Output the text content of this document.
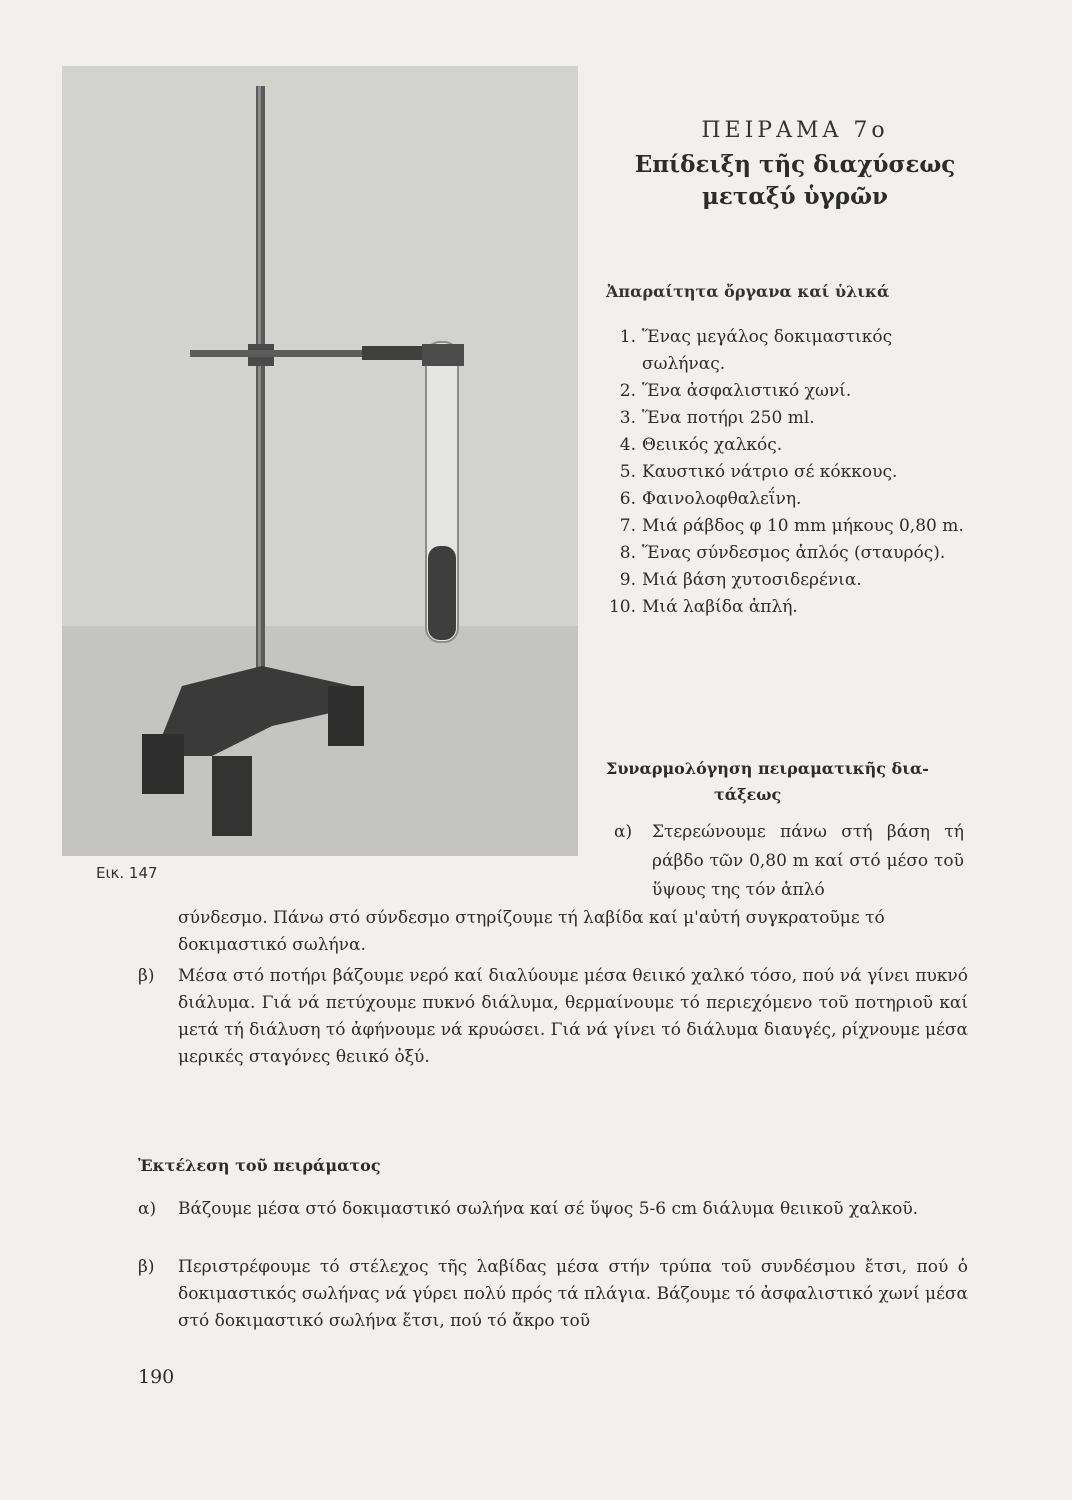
Εικ. 147
ΠΕΙΡΑΜΑ 7ο
Επίδειξη τῆς διαχύσεως
μεταξύ ὑγρῶν
Ἀπαραίτητα ὄργανα καί ὑλικά
1. Ἕνας μεγάλος δοκιμαστικός σωλήνας.
2. Ἕνα ἀσφαλιστικό χωνί.
3. Ἕνα ποτήρι 250 ml.
4. Θειικός χαλκός.
5. Καυστικό νάτριο σέ κόκκους.
6. Φαινολοφθαλεΐνη.
7. Μιά ράβδος φ 10 mm μήκους 0,80 m.
8. Ἕνας σύνδεσμος ἁπλός (σταυρός).
9. Μιά βάση χυτοσιδερένια.
10. Μιά λαβίδα ἁπλή.
Συναρμολόγηση πειραματικῆς δια-
τάξεως
α)	Στερεώνουμε πάνω στή βάση τή ράβδο τῶν 0,80 m καί στό μέσο τοῦ ὕψους της τόν ἁπλό
σύνδεσμο. Πάνω στό σύνδεσμο στηρίζουμε τή λαβίδα καί μ'αὐτή συγκρατοῦμε τό δοκιμαστικό σωλήνα.
β) Μέσα στό ποτήρι βάζουμε νερό καί διαλύουμε μέσα θειικό χαλκό τόσο, πού νά γίνει πυκνό διάλυμα. Γιά νά πετύχουμε πυκνό διάλυμα, θερμαίνουμε τό περιεχόμενο τοῦ ποτηριοῦ καί μετά τή διάλυση τό ἀφήνουμε νά κρυώσει. Γιά νά γίνει τό διάλυμα διαυγές, ρίχνουμε μέσα μερικές σταγόνες θειικό ὀξύ.
Ἐκτέλεση τοῦ πειράματος
α) Βάζουμε μέσα στό δοκιμαστικό σωλήνα καί σέ ὕψος 5-6 cm διάλυμα θειικοῦ χαλκοῦ.
β) Περιστρέφουμε τό στέλεχος τῆς λαβίδας μέσα στήν τρύπα τοῦ συνδέσμου ἔτσι, πού ὁ δοκιμαστικός σωλήνας νά γύρει πολύ πρός τά πλάγια. Βάζουμε τό ἀσφαλιστικό χωνί μέσα στό δοκιμαστικό σωλήνα ἔτσι, πού τό ἄκρο τοῦ
190
